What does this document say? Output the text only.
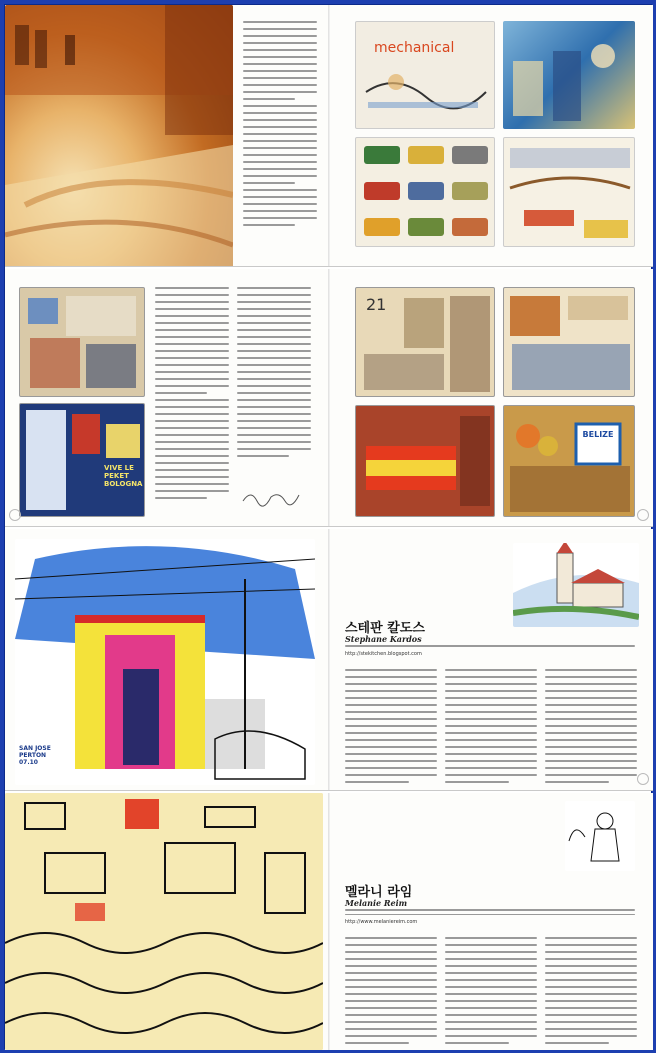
mechanical
VIVE LE PEKET BOLOGNA
21
BELIZE
SAN JOSE PERTON 07.10
스테판 칼도스
Stephane Kardos
http://stekitchen.blogspot.com
멜라니 라임
Melanie Reim
http://www.melaniereim.com
